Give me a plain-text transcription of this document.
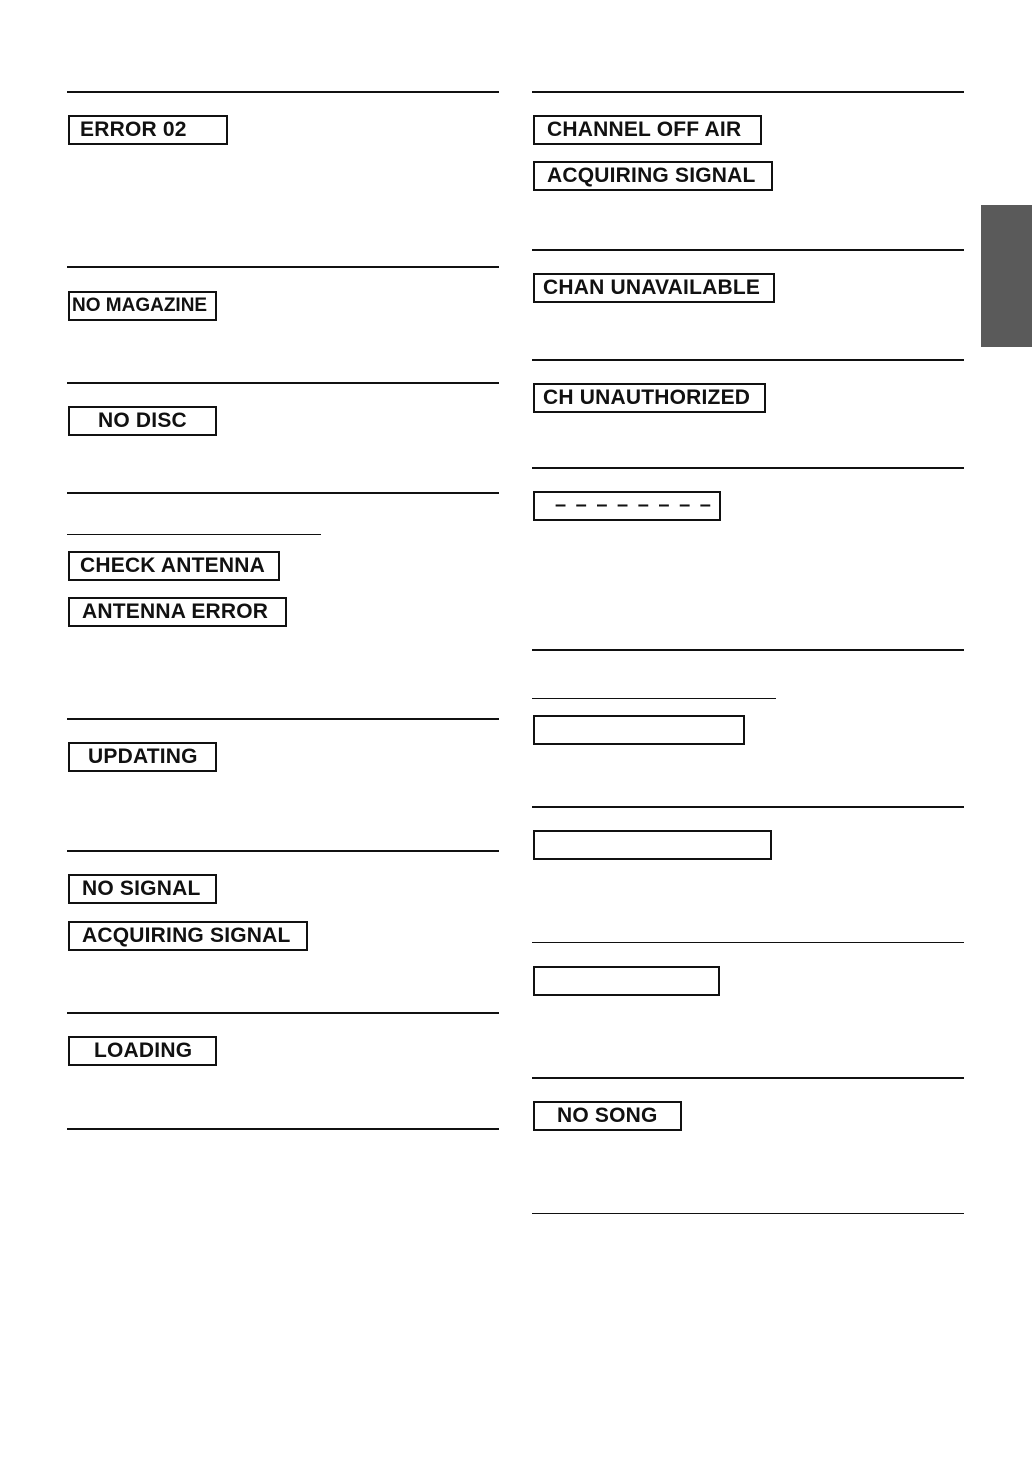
ERROR 02
NO MAGAZINE
NO DISC
CHECK ANTENNA
ANTENNA ERROR
UPDATING
NO SIGNAL
ACQUIRING SIGNAL
LOADING
CHANNEL OFF AIR
ACQUIRING SIGNAL
CHAN UNAVAILABLE
CH UNAUTHORIZED
– – – – – – – –
NO SONG
